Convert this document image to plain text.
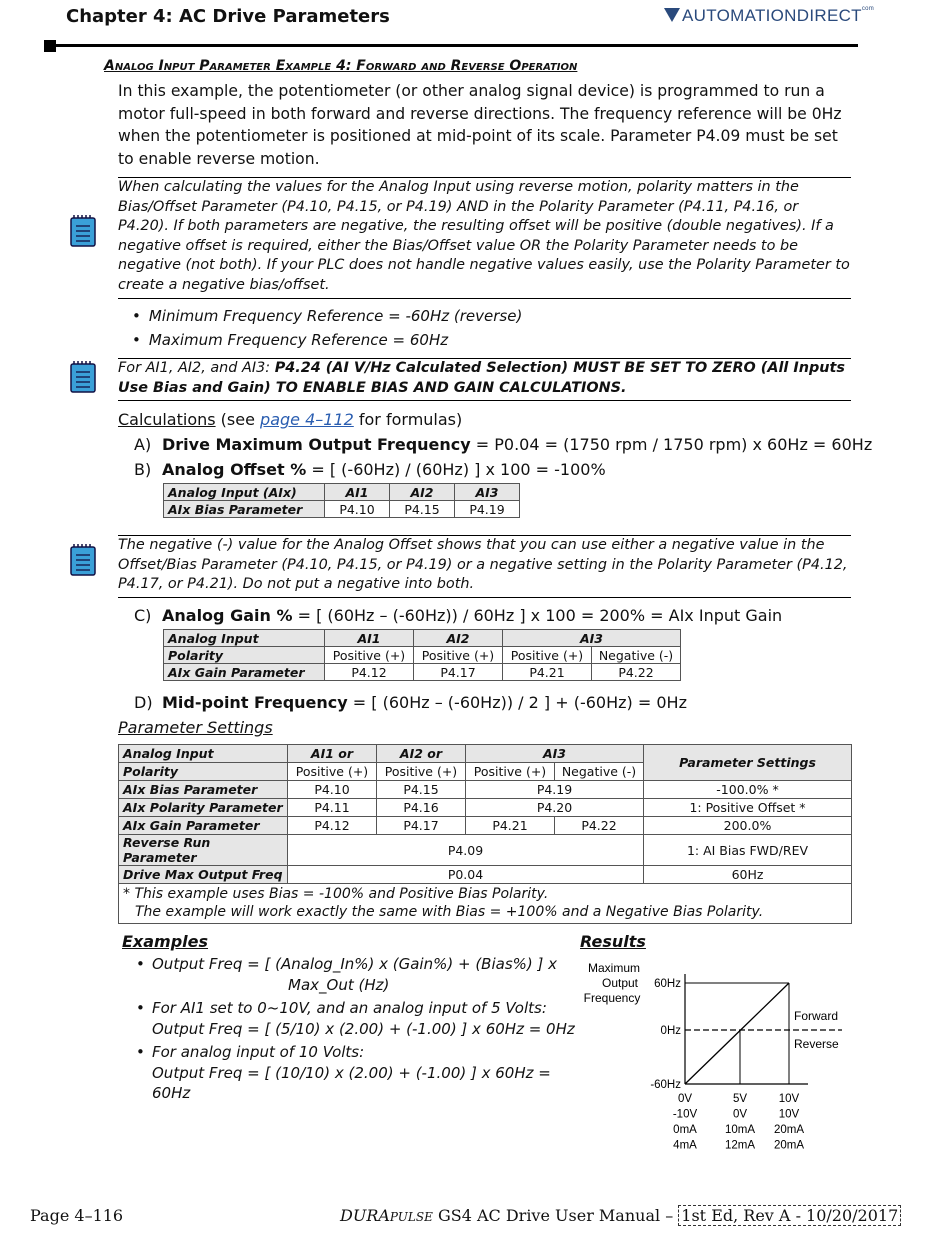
Chapter 4: AC Drive Parameters	$AUTOMATIONDIRECT^{com}$
Analog Input Parameter Example 4: Forward and Reverse Operation
In this example, the potentiometer (or other analog signal device) is programmed to run a motor full-speed in both forward and reverse directions. The frequency reference will be 0Hz when the potentiometer is positioned at mid-point of its scale. Parameter P4.09 must be set to enable reverse motion.
When calculating the values for the Analog Input using reverse motion, polarity matters in the Bias/Offset Parameter (P4.10, P4.15, or P4.19) AND in the Polarity Parameter (P4.11, P4.16, or P4.20). If both parameters are negative, the resulting offset will be positive (double negatives). If a negative offset is required, either the Bias/Offset value OR the Polarity Parameter needs to be negative (not both). If your PLC does not handle negative values easily, use the Polarity Parameter to create a negative bias/offset.
• Minimum Frequency Reference = -60Hz (reverse)
• Maximum Frequency Reference = 60Hz
For AI1, AI2, and AI3: P4.24 (AI V/Hz Calculated Selection) MUST BE SET TO ZERO (All Inputs Use Bias and Gain) TO ENABLE BIAS AND GAIN CALCULATIONS.
Calculations (see page 4–112 for formulas)
A) Drive Maximum Output Frequency = P0.04 = (1750 rpm / 1750 rpm) x 60Hz = 60Hz
B) Analog Offset % = [ (-60Hz) / (60Hz) ] x 100 = -100%
Analog Input (AIx)	AI1	AI2	AI3
AIx Bias Parameter	P4.10	P4.15	P4.19
The negative (-) value for the Analog Offset shows that you can use either a negative value in the Offset/Bias Parameter (P4.10, P4.15, or P4.19) or a negative setting in the Polarity Parameter (P4.12, P4.17, or P4.21). Do not put a negative into both.
C) Analog Gain % = [ (60Hz – (-60Hz)) / 60Hz ] x 100 = 200% = AIx Input Gain
Analog Input	AI1	AI2	AI3	
Polarity	Positive (+)	Positive (+)	Positive (+)	Negative (-)
AIx Gain Parameter	P4.12	P4.17	P4.21	P4.22
D) Mid-point Frequency = [ (60Hz – (-60Hz)) / 2 ] + (-60Hz) = 0Hz
Parameter Settings
Analog Input	AI1 or	AI2 or	AI3		Parameter Settings
Polarity	Positive (+)	Positive (+)	Positive (+)	Negative (-)	
AIx Bias Parameter	P4.10	P4.15	P4.19		-100.0% *
AIx Polarity Parameter	P4.11	P4.16	P4.20		1: Positive Offset *
AIx Gain Parameter	P4.12	P4.17	P4.21	P4.22	200.0%
Reverse Run Parameter	P4.09				1: AI Bias FWD/REV
Drive Max Output Freq	P0.04				60Hz

* This example uses Bias = -100% and Positive Bias Polarity.
The example will work exactly the same with Bias = +100% and a Negative Bias Polarity.					
Examples
• Output Freq = [ (Analog_In%) x (Gain%) + (Bias%) ] x
Max_Out (Hz)
• For AI1 set to 0~10V, and an analog input of 5 Volts:
Output Freq = [ (5/10) x (2.00) + (-1.00) ] x 60Hz = 0Hz
• For analog input of 10 Volts:
Output Freq = [ (10/10) x (2.00) + (-1.00) ] x 60Hz = 60Hz
Results
Maximum
Output
Frequency
60Hz
0Hz
-60Hz
Forward
Reverse
0V
-10V
0mA
4mA
5V
0V
10mA
12mA
10V
10V
20mA
20mA
Page 4–116	DURAPULSE GS4 AC Drive User Manual – 1st Ed, Rev A - 10/20/2017
